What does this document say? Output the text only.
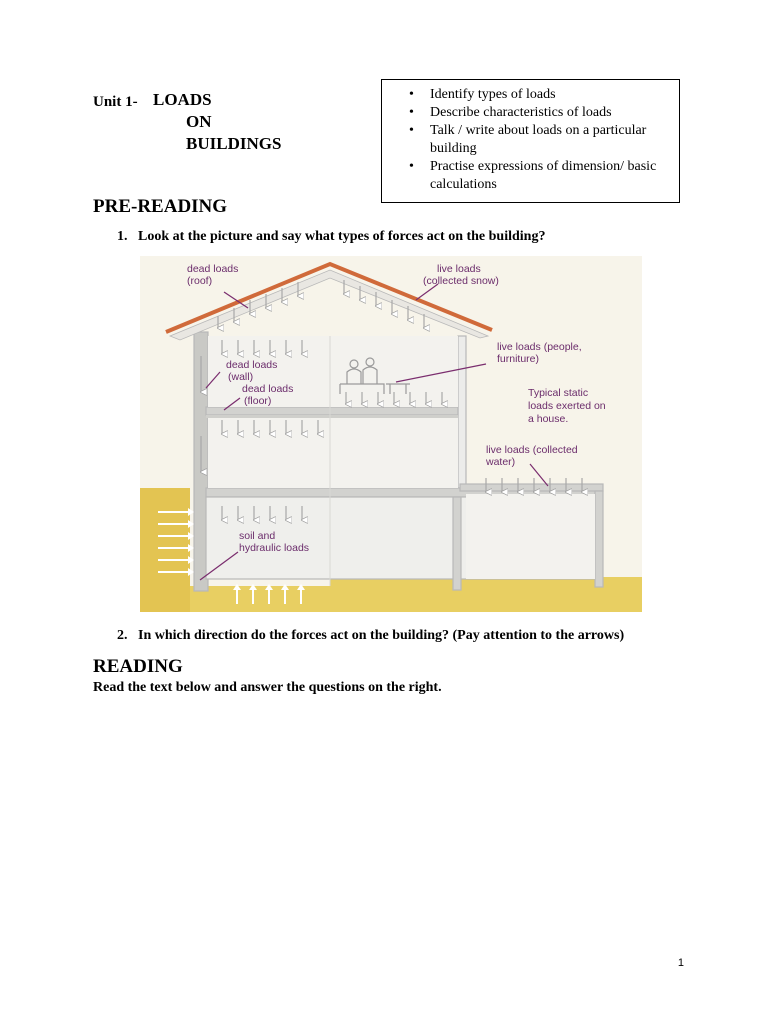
Unit 1- LOADS
ON
BUILDINGS
• Identify types of loads
• Describe characteristics of loads
• Talk / write about loads on a particular building
• Practise expressions of dimension/ basic calculations
PRE-READING
1.   Look at the picture and say what types of forces act on the building?
dead loads
(roof)
live loads
(collected snow)
live loads (people,
furniture)
dead loads
(wall)
dead loads
(floor)
Typical static
loads exerted on
a house.
live loads (collected
water)
soil and
hydraulic loads
2.   In which direction do the forces act on the building? (Pay attention to the arrows)
READING
Read the text below and answer the questions on the right.
1
